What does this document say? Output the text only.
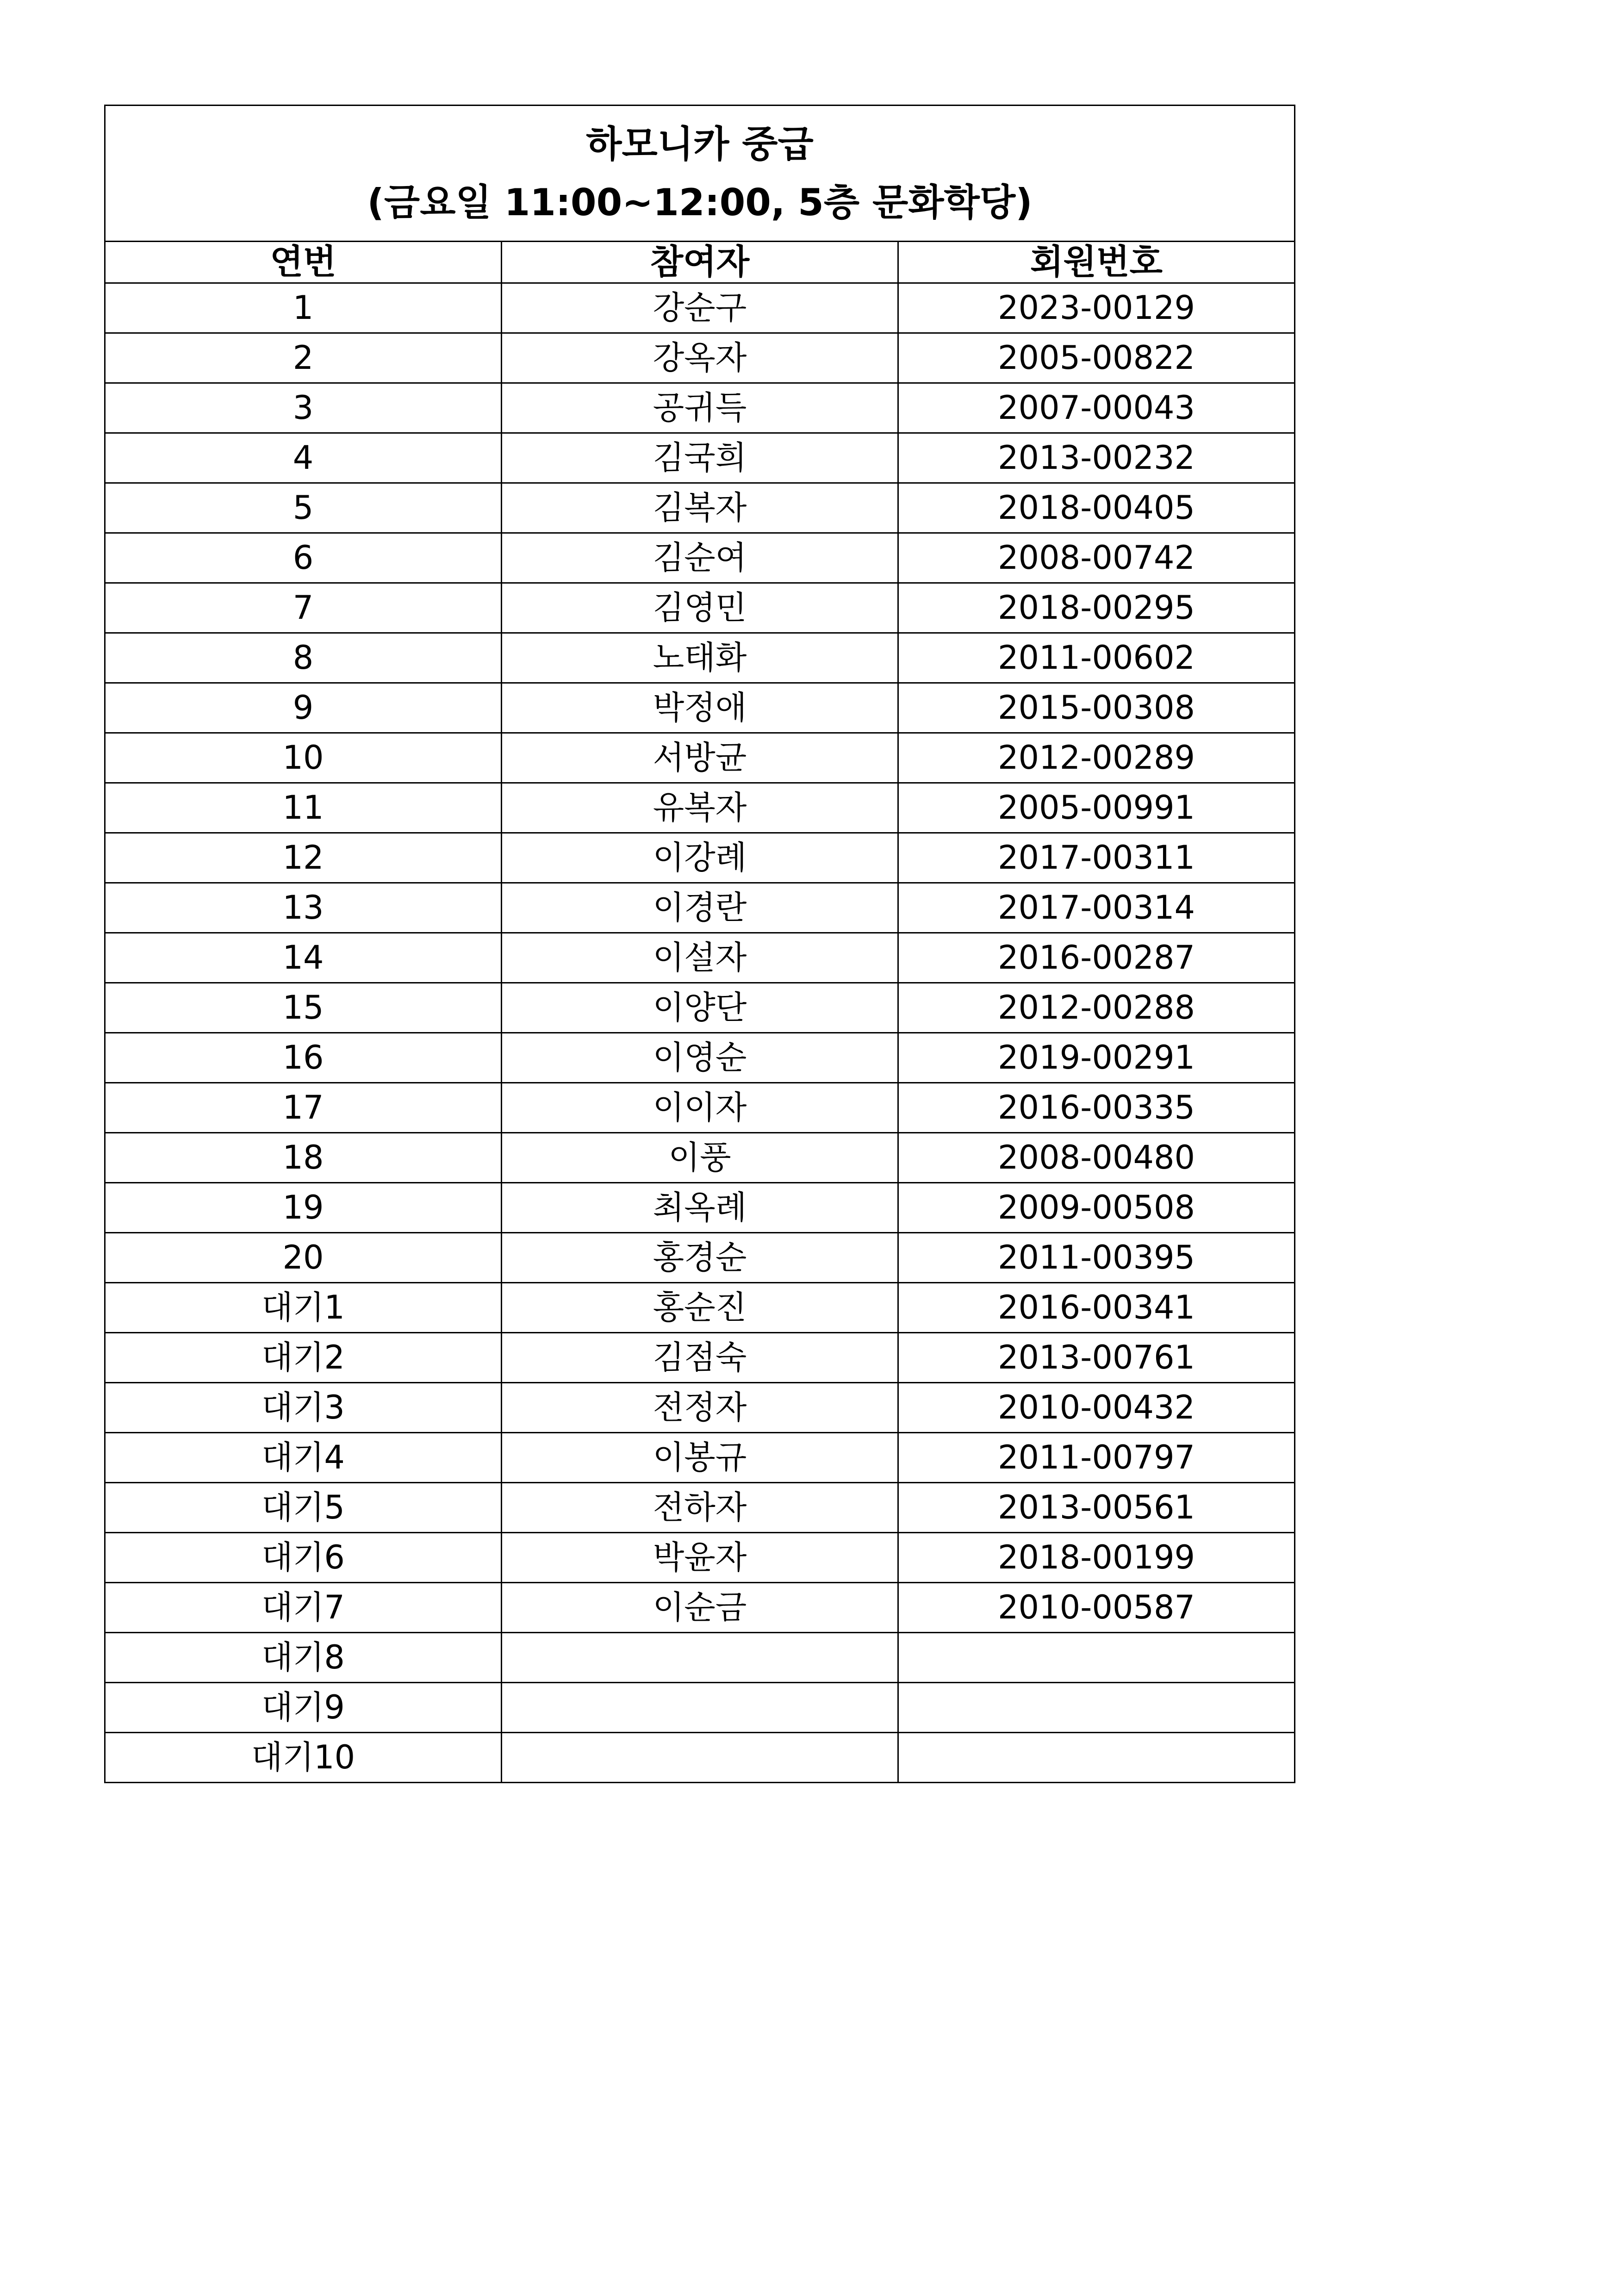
하모니카 중급
(금요일 11:00~12:00, 5층 문화학당)		

연번	참여자	회원번호
1	강순구	2023-00129
2	강옥자	2005-00822
3	공귀득	2007-00043
4	김국희	2013-00232
5	김복자	2018-00405
6	김순여	2008-00742
7	김영민	2018-00295
8	노태화	2011-00602
9	박정애	2015-00308
10	서방균	2012-00289
11	유복자	2005-00991
12	이강례	2017-00311
13	이경란	2017-00314
14	이설자	2016-00287
15	이양단	2012-00288
16	이영순	2019-00291
17	이이자	2016-00335
18	이풍	2008-00480
19	최옥례	2009-00508
20	홍경순	2011-00395
대기1	홍순진	2016-00341
대기2	김점숙	2013-00761
대기3	전정자	2010-00432
대기4	이봉규	2011-00797
대기5	전하자	2013-00561
대기6	박윤자	2018-00199
대기7	이순금	2010-00587
대기8		
대기9		
대기10		
